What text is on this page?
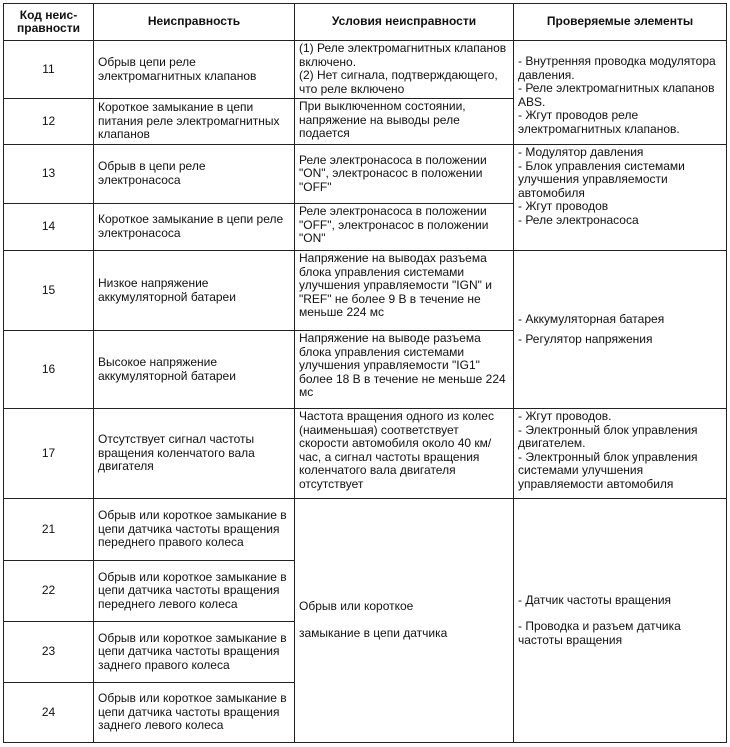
Код неис-
правности	Неисправность	Условия неисправности	Проверяемые элементы
11	Обрыв цепи реле электромагнитных клапанов	(1) Реле электромагнитных клапанов включено.
(2) Нет сигнала, подтверждающего, что реле включено	- Внутренняя проводка модулятора давления.
- Реле электромагнитных клапанов ABS.
- Жгут проводов реле электромагнитных клапанов.

12	Короткое замыкание в цепи питания реле электромагнитных клапанов	При выключенном состоянии, напряжение на выводы реле подается	

13	Обрыв в цепи реле электронасоса	Реле электронасоса в положении "ON", электронасос в положении "OFF"	- Модулятор давления
- Блок управления системами улучшения управляемости автомобиля
- Жгут проводов
- Реле электронасоса

14	Короткое замыкание в цепи реле электронасоса	Реле электронасоса в положении "OFF", электронасос в положении "ON"	

15	Низкое напряжение аккумуляторной батареи	Напряжение на выводах разъема блока управления системами улучшения управляемости "IGN" и "REF" не более 9 В в течение не меньше 224 мс	- Аккумуляторная батарея
- Регулятор напряжения

16	Высокое напряжение аккумуляторной батареи	Напряжение на выводе разъема блока управления системами улучшения управляемости "IG1" более 18 В в течение не меньше 224 мс	

17	Отсутствует сигнал частоты вращения коленчатого вала двигателя	Частота вращения одного из колес (наименьшая) соответствует скорости автомобиля около 40 км/час, а сигнал частоты вращения коленчатого вала двигателя отсутствует	- Жгут проводов.
- Электронный блок управления двигателем.
- Электронный блок управления системами улучшения управляемости автомобиля

21	Обрыв или короткое замыкание в цепи датчика частоты вращения переднего правого колеса	Обрыв или короткое
замыкание в цепи датчика	- Датчик частоты вращения
- Проводка и разъем датчика частоты вращения

22	Обрыв или короткое замыкание в цепи датчика частоты вращения переднего левого колеса		
23	Обрыв или короткое замыкание в цепи датчика частоты вращения заднего правого колеса		
24	Обрыв или короткое замыкание в цепи датчика частоты вращения заднего левого колеса		
